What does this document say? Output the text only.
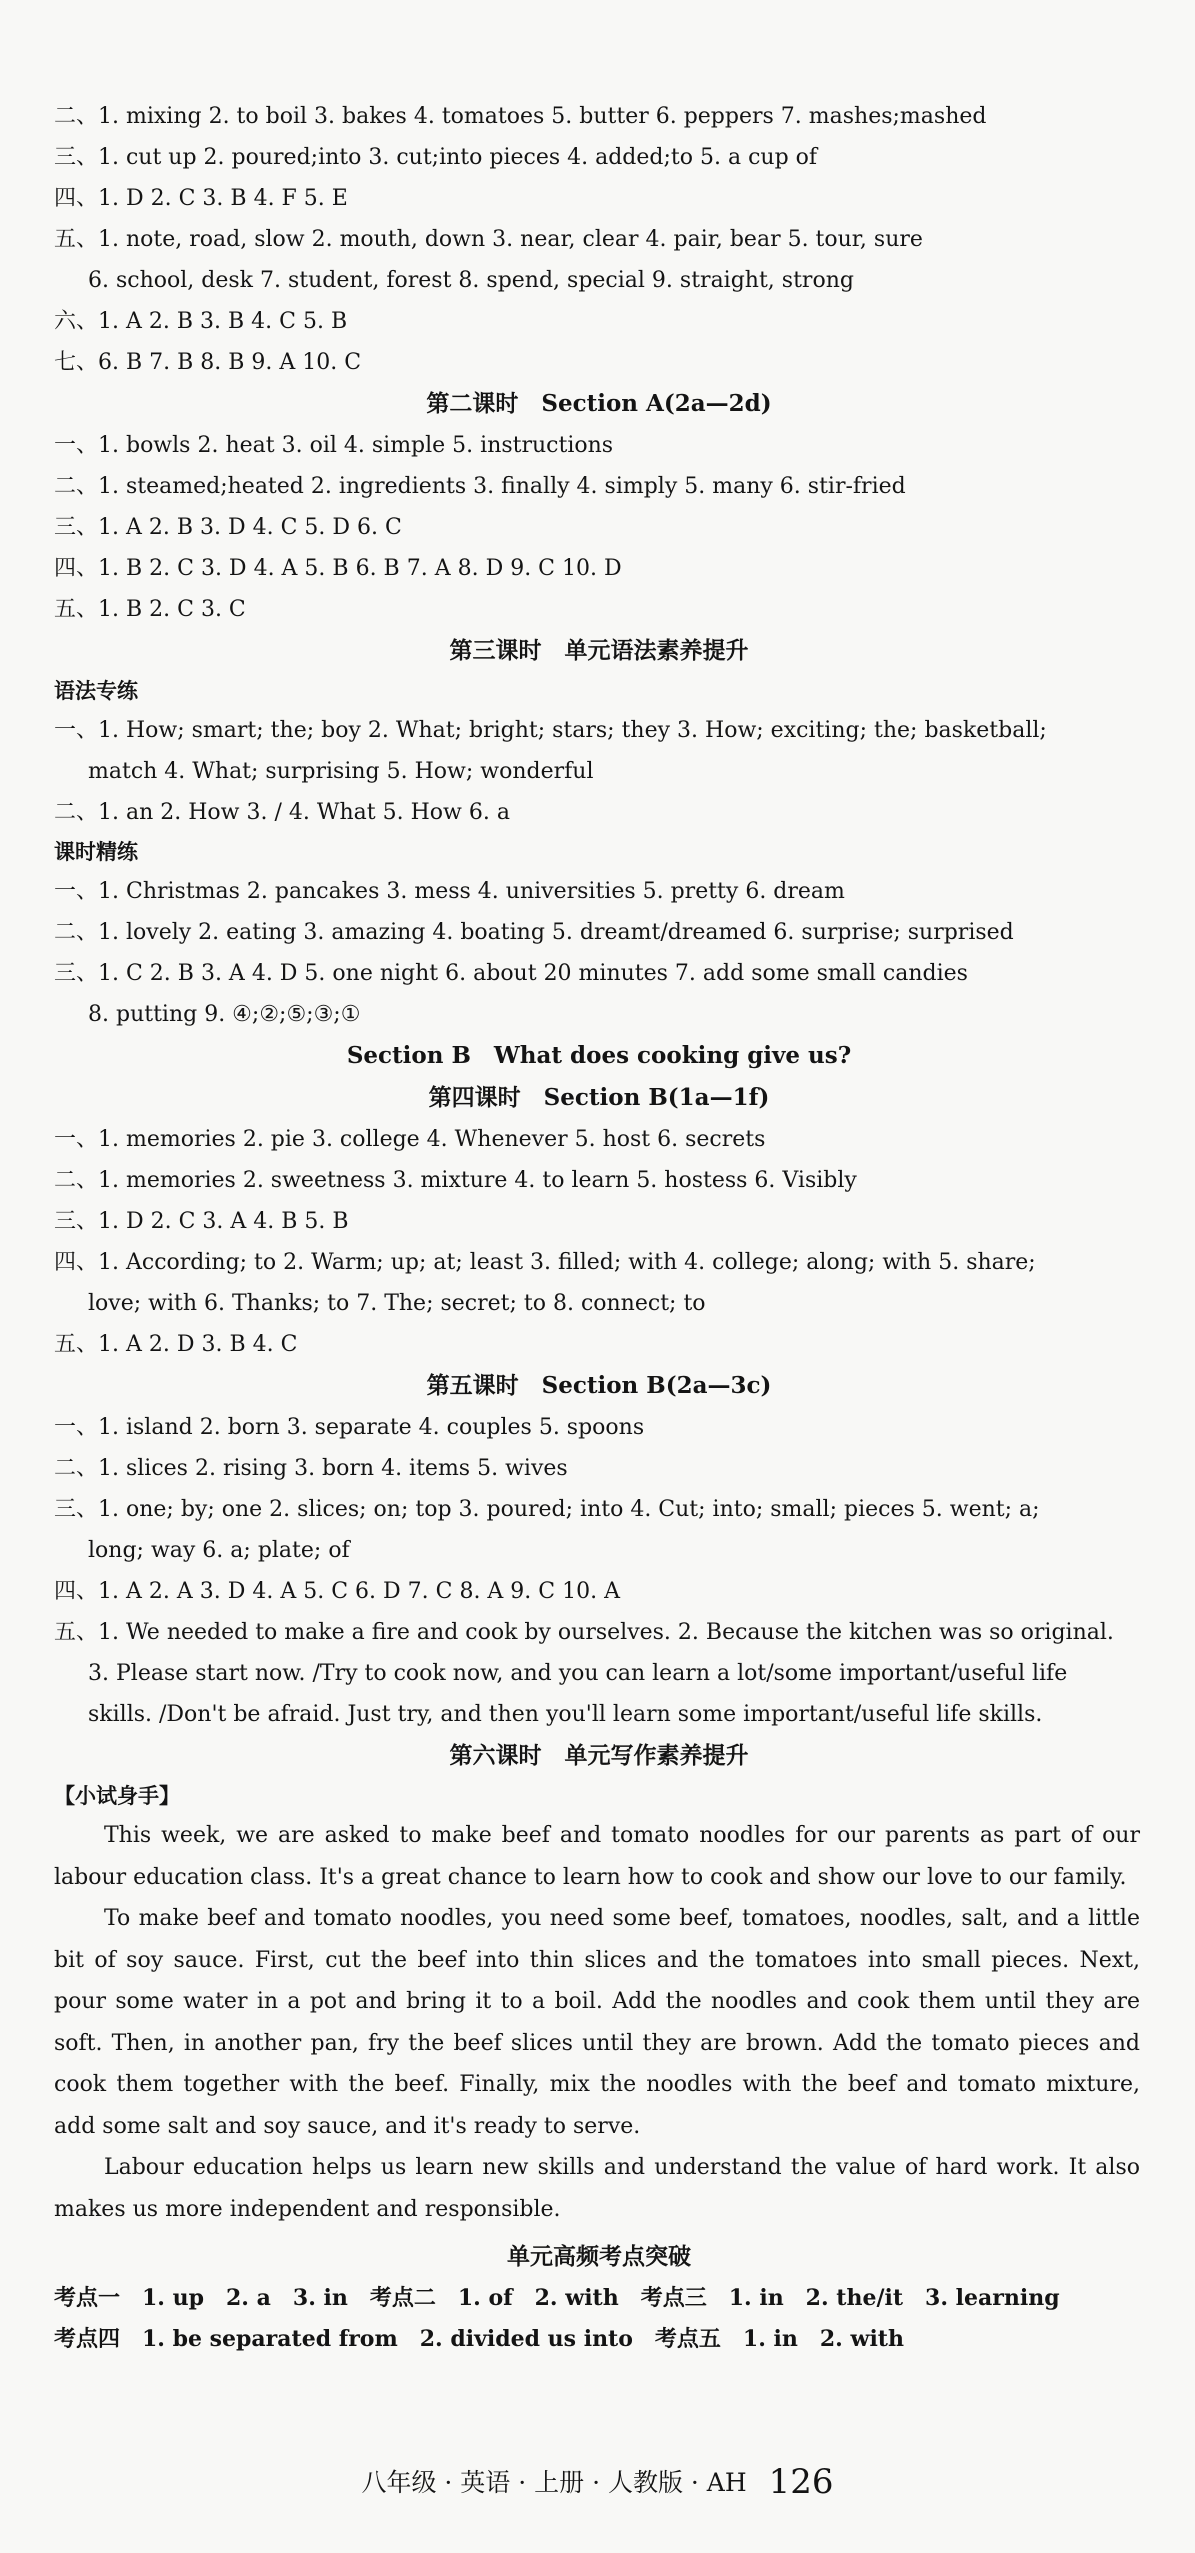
二、1. mixing 2. to boil 3. bakes 4. tomatoes 5. butter 6. peppers 7. mashes;mashed
三、1. cut up 2. poured;into 3. cut;into pieces 4. added;to 5. a cup of
四、1. D 2. C 3. B 4. F 5. E
五、1. note, road, slow 2. mouth, down 3. near, clear 4. pair, bear 5. tour, sure
6. school, desk 7. student, forest 8. spend, special 9. straight, strong
六、1. A 2. B 3. B 4. C 5. B
七、6. B 7. B 8. B 9. A 10. C
第二课时　Section A(2a—2d)
一、1. bowls 2. heat 3. oil 4. simple 5. instructions
二、1. steamed;heated 2. ingredients 3. finally 4. simply 5. many 6. stir-fried
三、1. A 2. B 3. D 4. C 5. D 6. C
四、1. B 2. C 3. D 4. A 5. B 6. B 7. A 8. D 9. C 10. D
五、1. B 2. C 3. C
第三课时　单元语法素养提升
语法专练
一、1. How; smart; the; boy 2. What; bright; stars; they 3. How; exciting; the; basketball;
match 4. What; surprising 5. How; wonderful
二、1. an 2. How 3. / 4. What 5. How 6. a
课时精练
一、1. Christmas 2. pancakes 3. mess 4. universities 5. pretty 6. dream
二、1. lovely 2. eating 3. amazing 4. boating 5. dreamt/dreamed 6. surprise; surprised
三、1. C 2. B 3. A 4. D 5. one night 6. about 20 minutes 7. add some small candies
8. putting 9. ④;②;⑤;③;①
Section B　What does cooking give us?
第四课时　Section B(1a—1f)
一、1. memories 2. pie 3. college 4. Whenever 5. host 6. secrets
二、1. memories 2. sweetness 3. mixture 4. to learn 5. hostess 6. Visibly
三、1. D 2. C 3. A 4. B 5. B
四、1. According; to 2. Warm; up; at; least 3. filled; with 4. college; along; with 5. share;
love; with 6. Thanks; to 7. The; secret; to 8. connect; to
五、1. A 2. D 3. B 4. C
第五课时　Section B(2a—3c)
一、1. island 2. born 3. separate 4. couples 5. spoons
二、1. slices 2. rising 3. born 4. items 5. wives
三、1. one; by; one 2. slices; on; top 3. poured; into 4. Cut; into; small; pieces 5. went; a;
long; way 6. a; plate; of
四、1. A 2. A 3. D 4. A 5. C 6. D 7. C 8. A 9. C 10. A
五、1. We needed to make a fire and cook by ourselves. 2. Because the kitchen was so original.
3. Please start now. /Try to cook now, and you can learn a lot/some important/useful life
skills. /Don't be afraid. Just try, and then you'll learn some important/useful life skills.
第六课时　单元写作素养提升
【小试身手】

This week, we are asked to make beef and tomato noodles for our parents as part of our labour education class. It's a great chance to learn how to cook and show our love to our family.

To make beef and tomato noodles, you need some beef, tomatoes, noodles, salt, and a little bit of soy sauce. First, cut the beef into thin slices and the tomatoes into small pieces. Next, pour some water in a pot and bring it to a boil. Add the noodles and cook them until they are soft. Then, in another pan, fry the beef slices until they are brown. Add the tomato pieces and cook them together with the beef. Finally, mix the noodles with the beef and tomato mixture, add some salt and soy sauce, and it's ready to serve.

Labour education helps us learn new skills and understand the value of hard work. It also makes us more independent and responsible.

单元高频考点突破
考点一　1. up　2. a　3. in　考点二　1. of　2. with　考点三　1. in　2. the/it　3. learning
考点四　1. be separated from　2. divided us into　考点五　1. in　2. with
八年级 · 英语 · 上册 · 人教版 · AH 126
